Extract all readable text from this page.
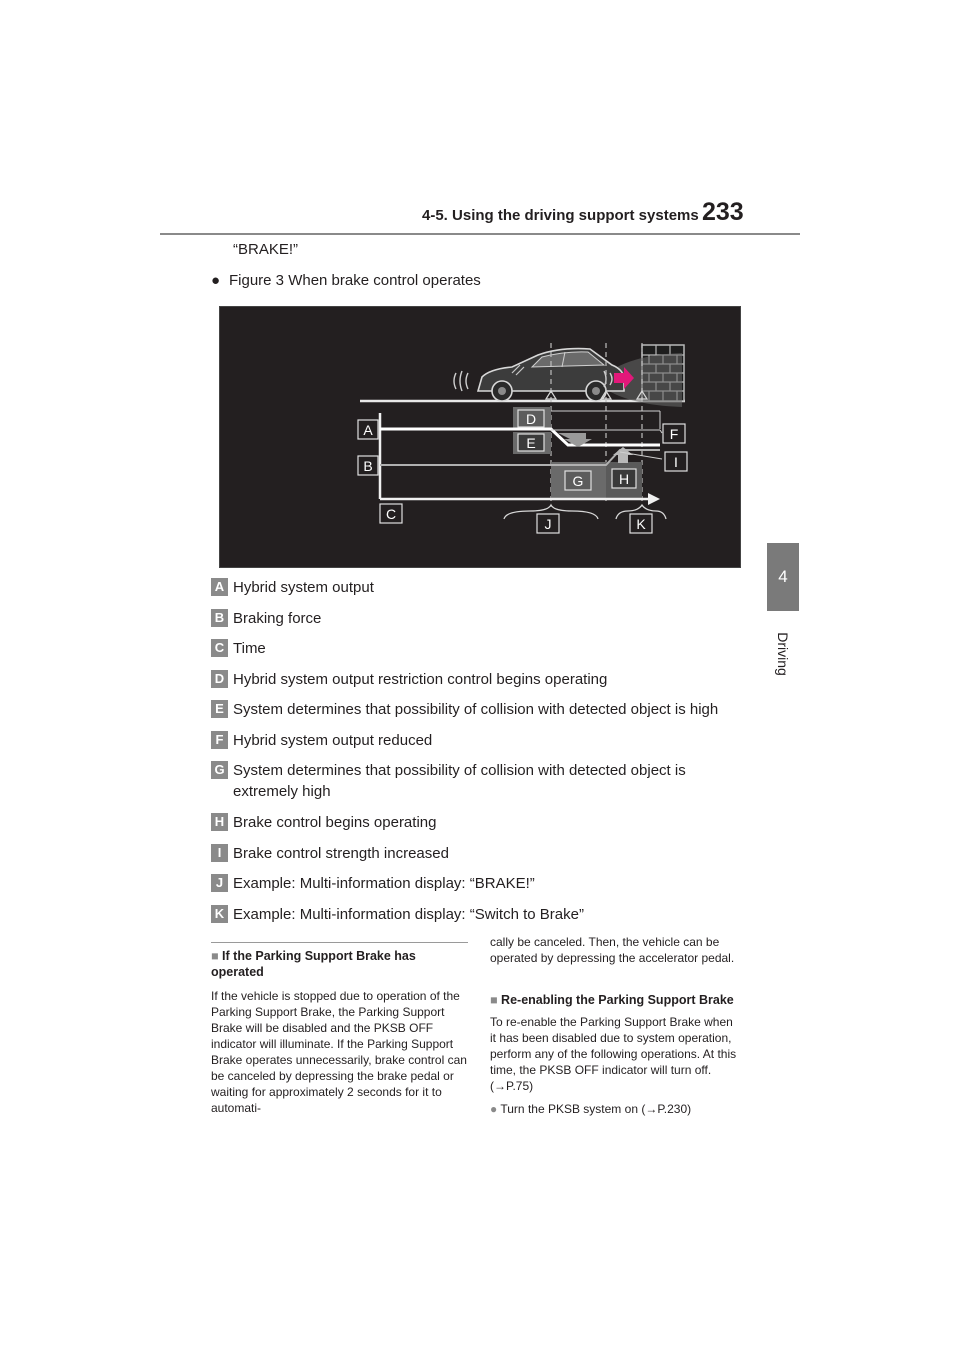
4-5. Using the driving support systems 233
4
Driving
“BRAKE!”
● Figure 3 When brake control operates
A
B
C
D
E
F
G	H
I
J	K
A Hybrid system output
B Braking force
C Time
D Hybrid system output restriction control begins operating
E System determines that possibility of collision with detected object is high
F Hybrid system output reduced
G System determines that possibility of collision with detected object is extremely high
H Brake control begins operating
I Brake control strength increased
J Example: Multi-information display: “BRAKE!”
K Example: Multi-information display: “Switch to Brake”
■ If the Parking Support Brake has operated
If the vehicle is stopped due to operation of the Parking Support Brake, the Parking Support Brake will be disabled and the PKSB OFF indicator will illuminate. If the Parking Support Brake operates unnecessarily, brake control can be canceled by depressing the brake pedal or waiting for approximately 2 seconds for it to automati-
cally be canceled. Then, the vehicle can be operated by depressing the accelerator pedal.
■ Re-enabling the Parking Support Brake
To re-enable the Parking Support Brake when it has been disabled due to system operation, perform any of the following operations. At this time, the PKSB OFF indicator will turn off. (→P.75)
● Turn the PKSB system on (→P.230)
